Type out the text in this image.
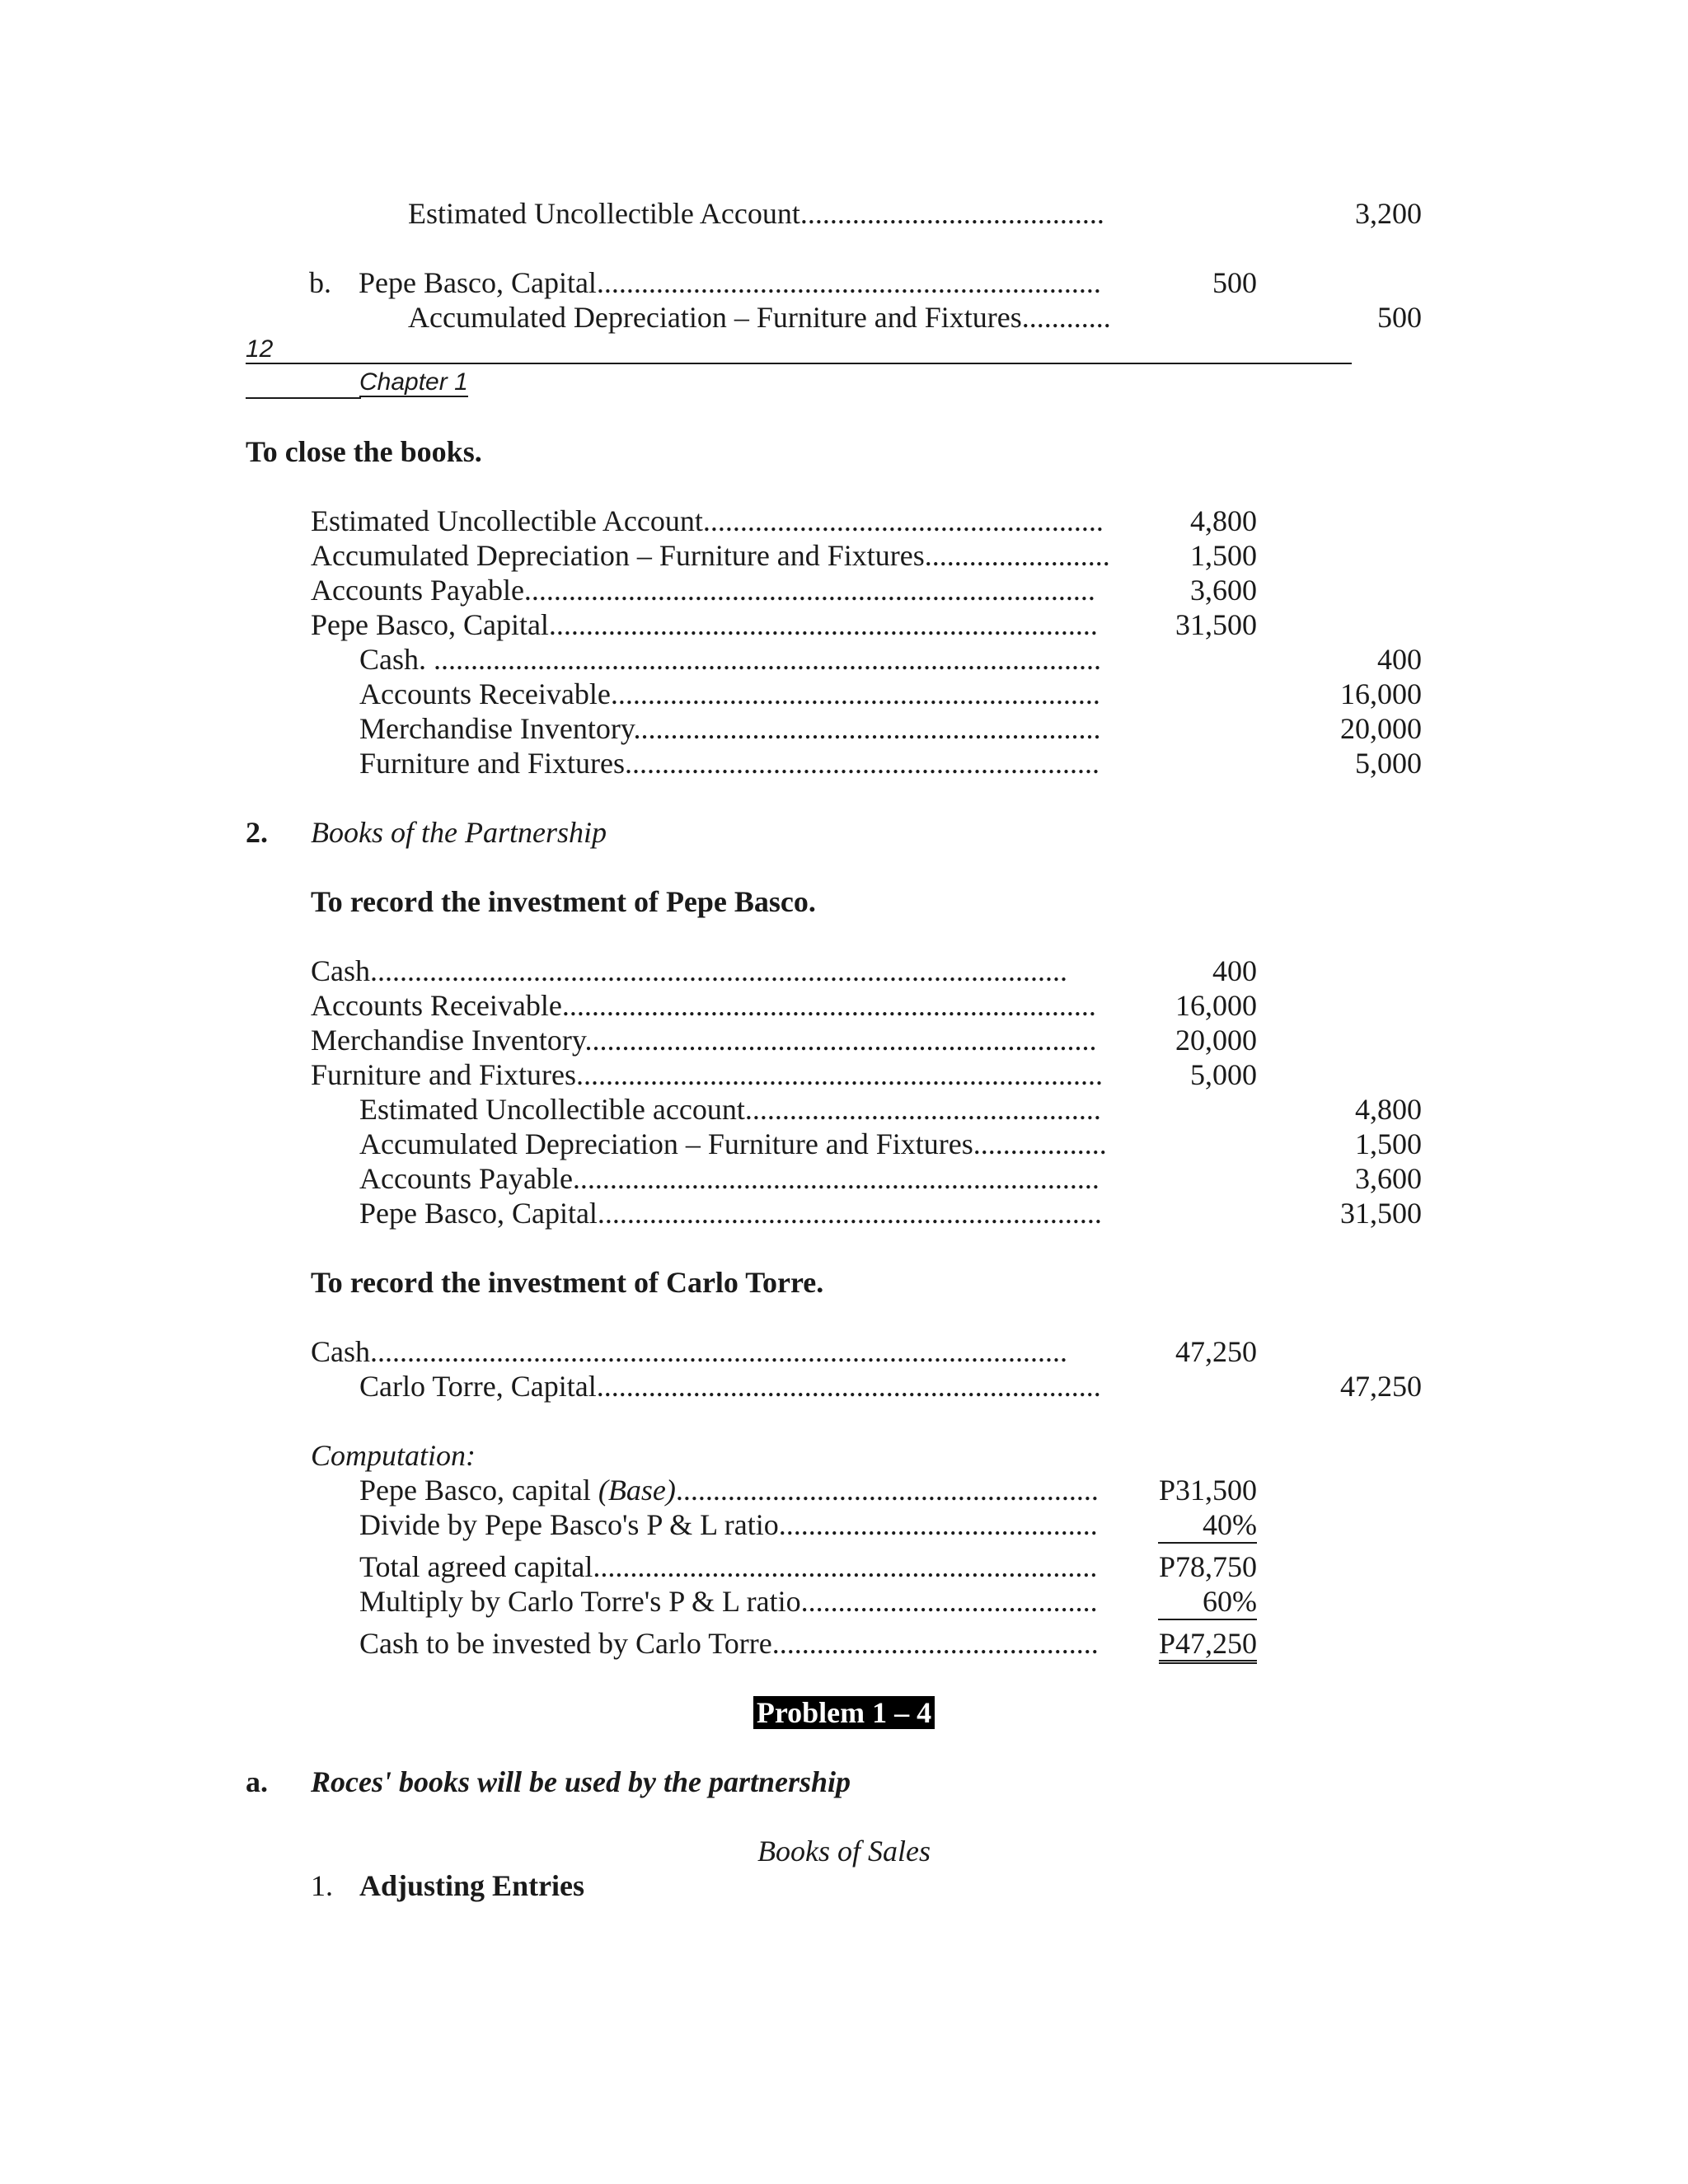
Estimated Uncollectible Account.........................................	3,200
b. Pepe Basco, Capital....................................................................	500
Accumulated Depreciation – Furniture and Fixtures............	500
12
Chapter 1
To close the books.
Estimated Uncollectible Account......................................................	4,800
Accumulated Depreciation – Furniture and Fixtures.........................	1,500
Accounts Payable.............................................................................	3,600
Pepe Basco, Capital..........................................................................	31,500
Cash. ..........................................................................................	400
Accounts Receivable..................................................................	16,000
Merchandise Inventory...............................................................	20,000
Furniture and Fixtures................................................................	5,000
2. Books of the Partnership
To record the investment of Pepe Basco.
Cash..............................................................................................	400
Accounts Receivable........................................................................	16,000
Merchandise Inventory.....................................................................	20,000
Furniture and Fixtures.......................................................................	5,000
Estimated Uncollectible account................................................	4,800
Accumulated Depreciation – Furniture and Fixtures..................	1,500
Accounts Payable.......................................................................	3,600
Pepe Basco, Capital....................................................................	31,500
To record the investment of Carlo Torre.
Cash..............................................................................................	47,250
Carlo Torre, Capital....................................................................	47,250
Computation:
Pepe Basco, capital (Base).........................................................	P31,500
Divide by Pepe Basco's P & L ratio...........................................	40%
Total agreed capital....................................................................	P78,750
Multiply by Carlo Torre's P & L ratio........................................	60%
Cash to be invested by Carlo Torre............................................	P47,250
Problem 1 – 4
a. Roces' books will be used by the partnership
Books of Sales
1. Adjusting Entries
